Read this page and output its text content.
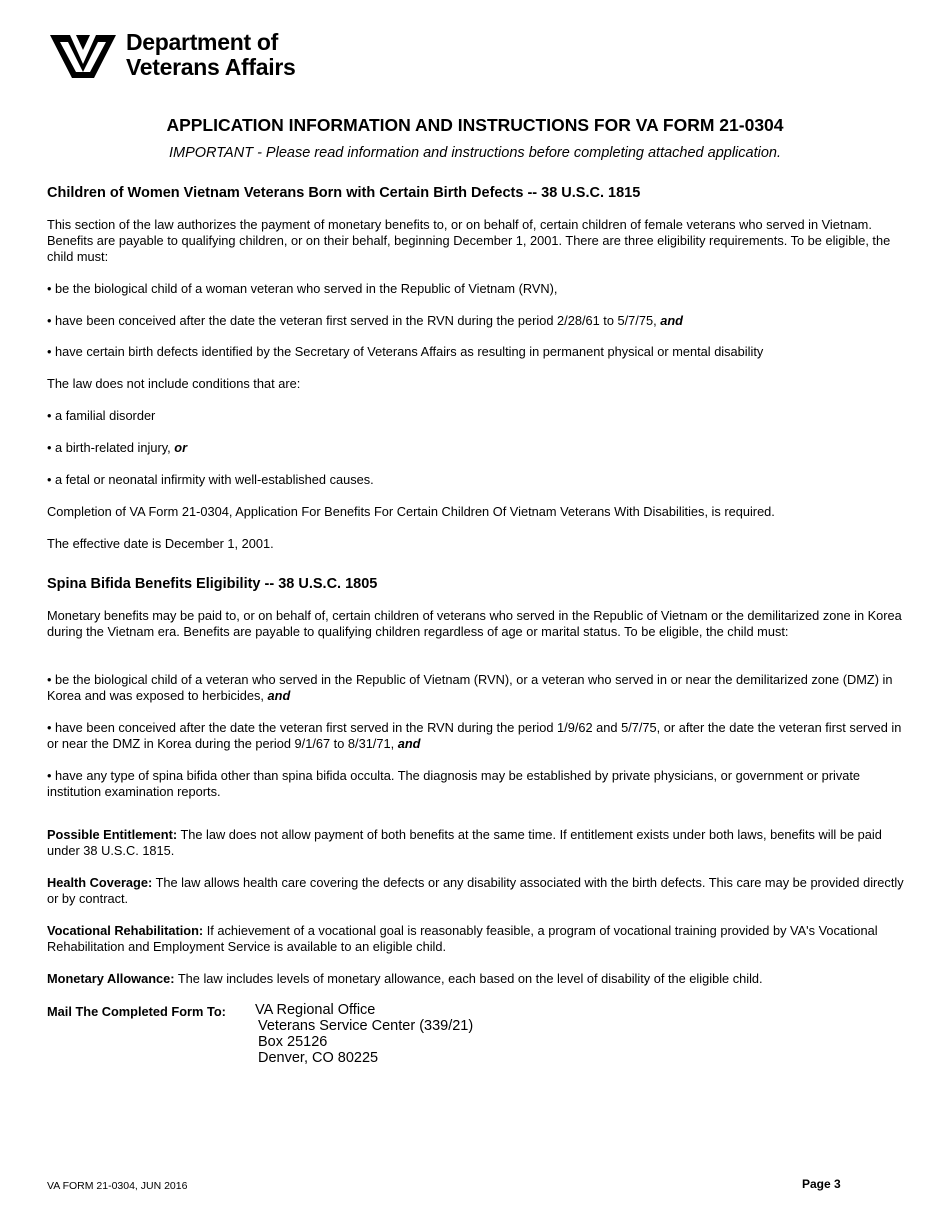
Department of
Veterans Affairs
APPLICATION INFORMATION AND INSTRUCTIONS FOR VA FORM 21-0304
IMPORTANT - Please read information and instructions before completing attached application.
Children of Women Vietnam Veterans Born with Certain Birth Defects -- 38 U.S.C. 1815
This section of the law authorizes the payment of monetary benefits to, or on behalf of, certain children of female veterans who served in Vietnam. Benefits are payable to qualifying children, or on their behalf, beginning December 1, 2001. There are three eligibility requirements. To be eligible, the child must:
• be the biological child of a woman veteran who served in the Republic of Vietnam (RVN),
• have been conceived after the date the veteran first served in the RVN during the period 2/28/61 to 5/7/75, and
• have certain birth defects identified by the Secretary of Veterans Affairs as resulting in permanent physical or mental disability
The law does not include conditions that are:
• a familial disorder
• a birth-related injury, or
• a fetal or neonatal infirmity with well-established causes.
Completion of VA Form 21-0304, Application For Benefits For Certain Children Of Vietnam Veterans With Disabilities, is required.
The effective date is December 1, 2001.
Spina Bifida Benefits Eligibility -- 38 U.S.C. 1805
Monetary benefits may be paid to, or on behalf of, certain children of veterans who served in the Republic of Vietnam or the demilitarized zone in Korea during the Vietnam era. Benefits are payable to qualifying children regardless of age or marital status. To be eligible, the child must:
• be the biological child of a veteran who served in the Republic of Vietnam (RVN), or a veteran who served in or near the demilitarized zone (DMZ) in Korea and was exposed to herbicides, and
• have been conceived after the date the veteran first served in the RVN during the period 1/9/62 and 5/7/75, or after the date the veteran first served in or near the DMZ in Korea during the period 9/1/67 to 8/31/71, and
• have any type of spina bifida other than spina bifida occulta. The diagnosis may be established by private physicians, or government or private institution examination reports.
Possible Entitlement: The law does not allow payment of both benefits at the same time. If entitlement exists under both laws, benefits will be paid under 38 U.S.C. 1815.
Health Coverage: The law allows health care covering the defects or any disability associated with the birth defects. This care may be provided directly or by contract.
Vocational Rehabilitation: If achievement of a vocational goal is reasonably feasible, a program of vocational training provided by VA's Vocational Rehabilitation and Employment Service is available to an eligible child.
Monetary Allowance: The law includes levels of monetary allowance, each based on the level of disability of the eligible child.
Mail The Completed Form To: VA Regional Office
Veterans Service Center (339/21)
Box 25126
Denver, CO 80225
VA FORM 21-0304, JUN 2016	Page 3
